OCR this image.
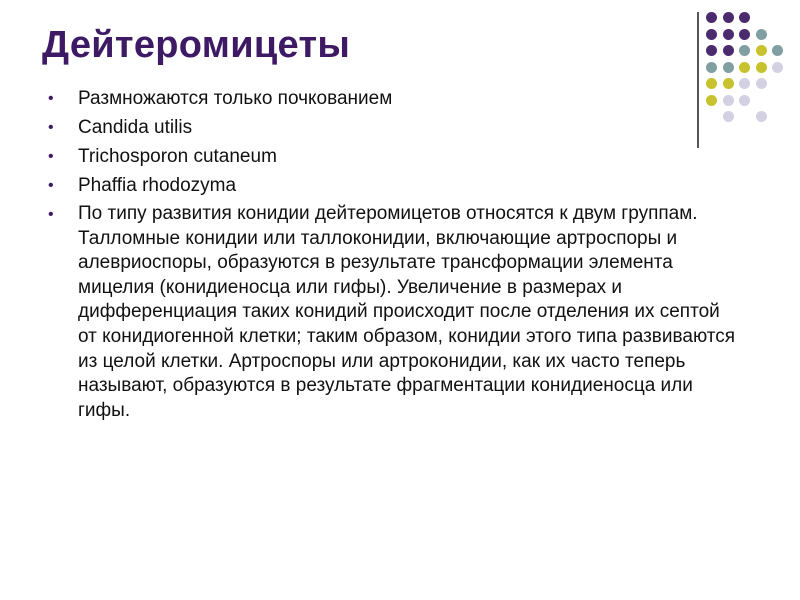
Дейтеромицеты
• Размножаются только почкованием
• Candida utilis
• Trichosporon cutaneum
• Phaffia rhodozyma
• По типу развития конидии дейтеромицетов относятся к двум группам. Талломные конидии или таллоконидии, включающие артроспоры и алевриоспоры, образуются в результате трансформации элемента мицелия (конидиеносца или гифы). Увеличение в размерах и дифференциация таких конидий происходит после отделения их септой от конидиогенной клетки; таким образом, конидии этого типа развиваются из целой клетки. Артроспоры или артроконидии, как их часто теперь называют, образуются в результате фрагментации конидиеносца или гифы.
